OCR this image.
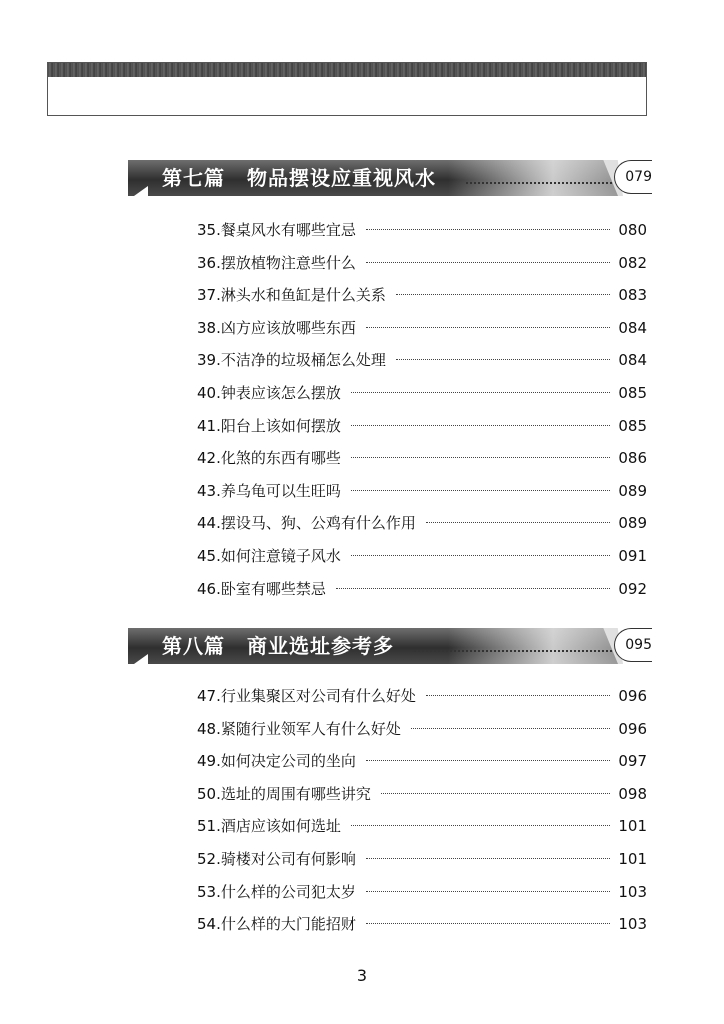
第七篇 物品摆设应重视风水	079
35. 餐桌风水有哪些宜忌	080
36. 摆放植物注意些什么	082
37. 淋头水和鱼缸是什么关系	083
38. 凶方应该放哪些东西	084
39. 不洁净的垃圾桶怎么处理	084
40. 钟表应该怎么摆放	085
41. 阳台上该如何摆放	085
42. 化煞的东西有哪些	086
43. 养乌龟可以生旺吗	089
44. 摆设马、狗、公鸡有什么作用	089
45. 如何注意镜子风水	091
46. 卧室有哪些禁忌	092
第八篇 商业选址参考多	095
47. 行业集聚区对公司有什么好处	096
48. 紧随行业领军人有什么好处	096
49. 如何决定公司的坐向	097
50. 选址的周围有哪些讲究	098
51. 酒店应该如何选址	101
52. 骑楼对公司有何影响	101
53. 什么样的公司犯太岁	103
54. 什么样的大门能招财	103
3
